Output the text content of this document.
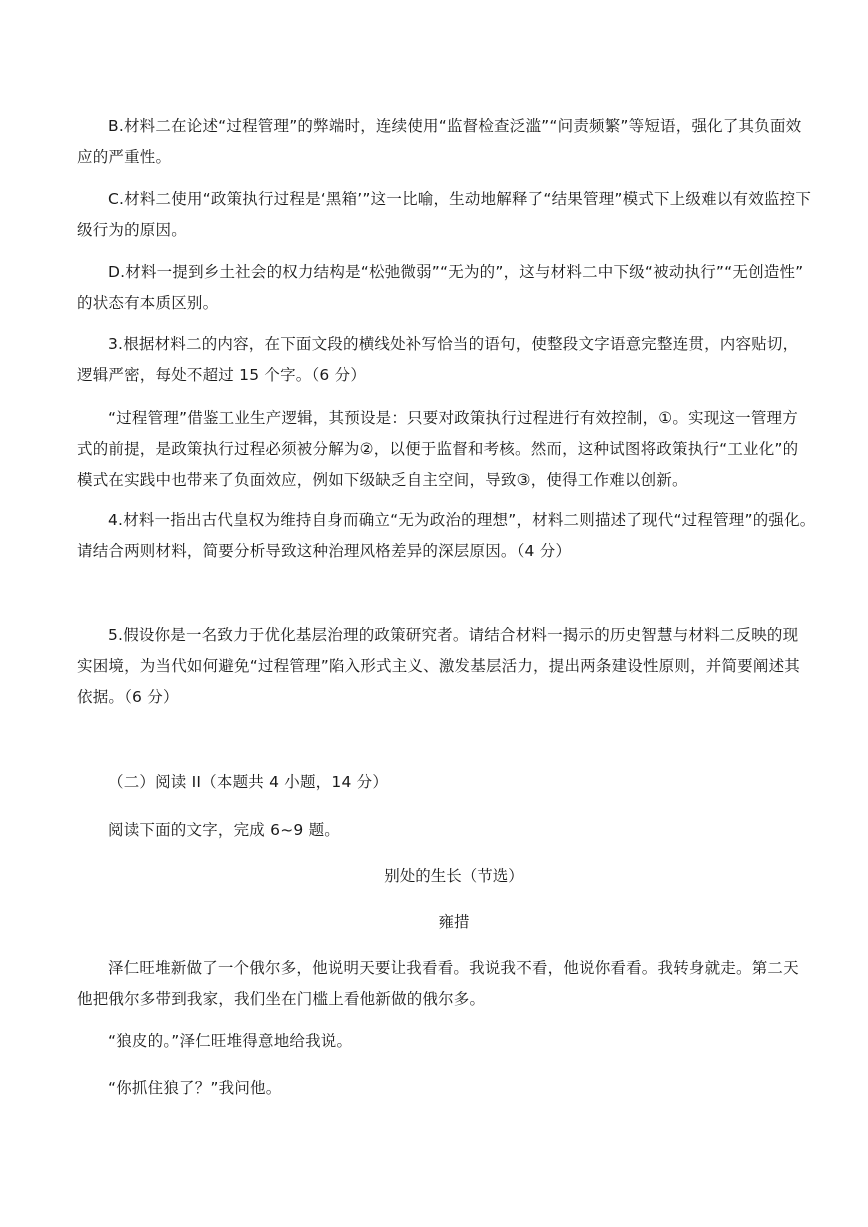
B.材料二在论述“过程管理”的弊端时，连续使用“监督检查泛滥”“问责频繁”等短语，强化了其负面效
应的严重性。

C.材料二使用“政策执行过程是‘黑箱’”这一比喻，生动地解释了“结果管理”模式下上级难以有效监控下
级行为的原因。

D.材料一提到乡土社会的权力结构是“松弛微弱”“无为的”，这与材料二中下级“被动执行”“无创造性”
的状态有本质区别。

3.根据材料二的内容，在下面文段的横线处补写恰当的语句，使整段文字语意完整连贯，内容贴切，
逻辑严密，每处不超过 15 个字。（6 分）

“过程管理”借鉴工业生产逻辑，其预设是：只要对政策执行过程进行有效控制，①。实现这一管理方
式的前提，是政策执行过程必须被分解为②，以便于监督和考核。然而，这种试图将政策执行“工业化”的
模式在实践中也带来了负面效应，例如下级缺乏自主空间，导致③，使得工作难以创新。

4.材料一指出古代皇权为维持自身而确立“无为政治的理想”，材料二则描述了现代“过程管理”的强化。
请结合两则材料，简要分析导致这种治理风格差异的深层原因。（4 分）

5.假设你是一名致力于优化基层治理的政策研究者。请结合材料一揭示的历史智慧与材料二反映的现
实困境，为当代如何避免“过程管理”陷入形式主义、激发基层活力，提出两条建设性原则，并简要阐述其
依据。（6 分）

（二）阅读 II（本题共 4 小题，14 分）

阅读下面的文字，完成 6~9 题。

别处的生长（节选）

雍措

泽仁旺堆新做了一个俄尔多，他说明天要让我看看。我说我不看，他说你看看。我转身就走。第二天
他把俄尔多带到我家，我们坐在门槛上看他新做的俄尔多。

“狼皮的。”泽仁旺堆得意地给我说。

“你抓住狼了？”我问他。
